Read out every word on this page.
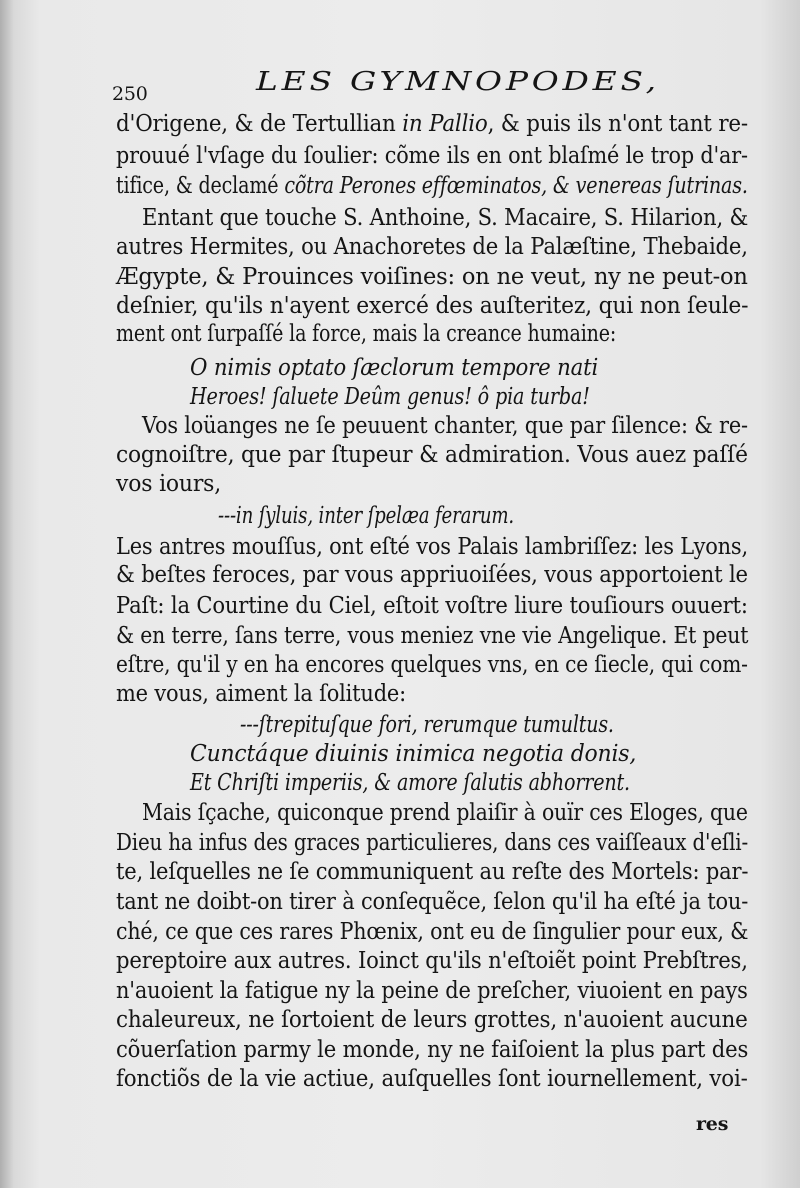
250	LES GYMNOPODES,

d'Origene, & de Tertullian in Pallio, & puis ils n'ont tant re-

prouué l'vſage du ſoulier: cõme ils en ont blaſmé le trop d'ar-

tifice, & declamé cõtra Perones effœminatos, & venereas ſutrinas.

Entant que touche S. Anthoine, S. Macaire, S. Hilarion, &

autres Hermites, ou Anachoretes de la Palæſtine, Thebaide,

Ægypte, & Prouinces voiſines: on ne veut, ny ne peut-on

deſnier, qu'ils n'ayent exercé des auſteritez, qui non ſeule-

ment ont ſurpaſſé la force, mais la creance humaine:

O nimis optato ſæclorum tempore nati

Heroes! ſaluete Deûm genus! ô pia turba!

Vos loüanges ne ſe peuuent chanter, que par ſilence: & re-

cognoiſtre, que par ſtupeur & admiration. Vous auez paſſé

vos iours,

---in ſyluis, inter ſpelæa ferarum.

Les antres mouſſus, ont eſté vos Palais lambriſſez: les Lyons,

& beſtes feroces, par vous appriuoiſées, vous apportoient le

Paſt: la Courtine du Ciel, eſtoit voſtre liure touſiours ouuert:

& en terre, ſans terre, vous meniez vne vie Angelique. Et peut

eſtre, qu'il y en ha encores quelques vns, en ce ſiecle, qui com-

me vous, aiment la ſolitude:

---ſtrepituſque fori, rerumque tumultus.

Cunctáque diuinis inimica negotia donis,

Et Chriſti imperiis, & amore ſalutis abhorrent.

Mais ſçache, quiconque prend plaiſir à ouïr ces Eloges, que

Dieu ha infus des graces particulieres, dans ces vaiſſeaux d'eſli-

te, leſquelles ne ſe communiquent au reſte des Mortels: par-

tant ne doibt-on tirer à conſequẽce, ſelon qu'il ha eſté ja tou-

ché, ce que ces rares Phœnix, ont eu de ſingulier pour eux, &

pereptoire aux autres. Ioinct qu'ils n'eſtoiẽt point Prebſtres,

n'auoient la fatigue ny la peine de preſcher, viuoient en pays

chaleureux, ne ſortoient de leurs grottes, n'auoient aucune

cõuerſation parmy le monde, ny ne faiſoient la plus part des

fonctiõs de la vie actiue, auſquelles ſont iournellement, voi-

res
